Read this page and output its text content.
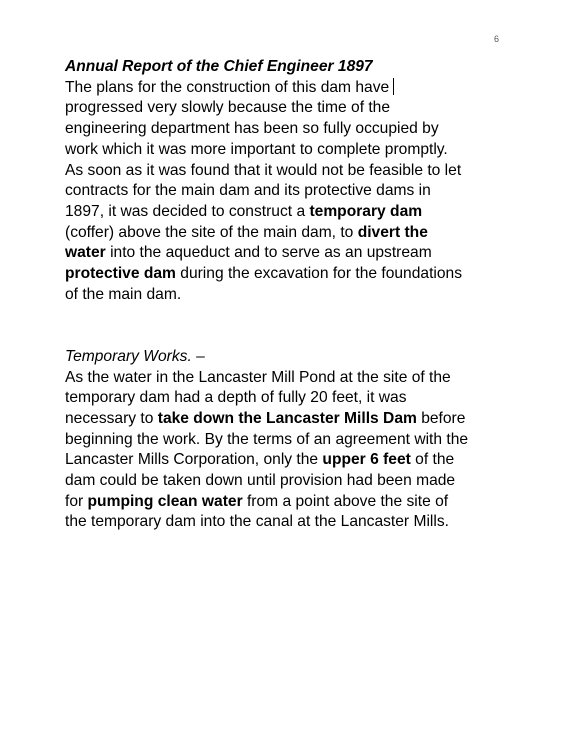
6
Annual Report of the Chief Engineer 1897
The plans for the construction of this dam have
progressed very slowly because the time of the
engineering department has been so fully occupied by
work which it was more important to complete promptly.
As soon as it was found that it would not be feasible to let
contracts for the main dam and its protective dams in
1897, it was decided to construct a temporary dam
(coffer) above the site of the main dam, to divert the
water into the aqueduct and to serve as an upstream
protective dam during the excavation for the foundations
of the main dam.
Temporary Works. –
As the water in the Lancaster Mill Pond at the site of the
temporary dam had a depth of fully 20 feet, it was
necessary to take down the Lancaster Mills Dam before
beginning the work. By the terms of an agreement with the
Lancaster Mills Corporation, only the upper 6 feet of the
dam could be taken down until provision had been made
for pumping clean water from a point above the site of
the temporary dam into the canal at the Lancaster Mills.
